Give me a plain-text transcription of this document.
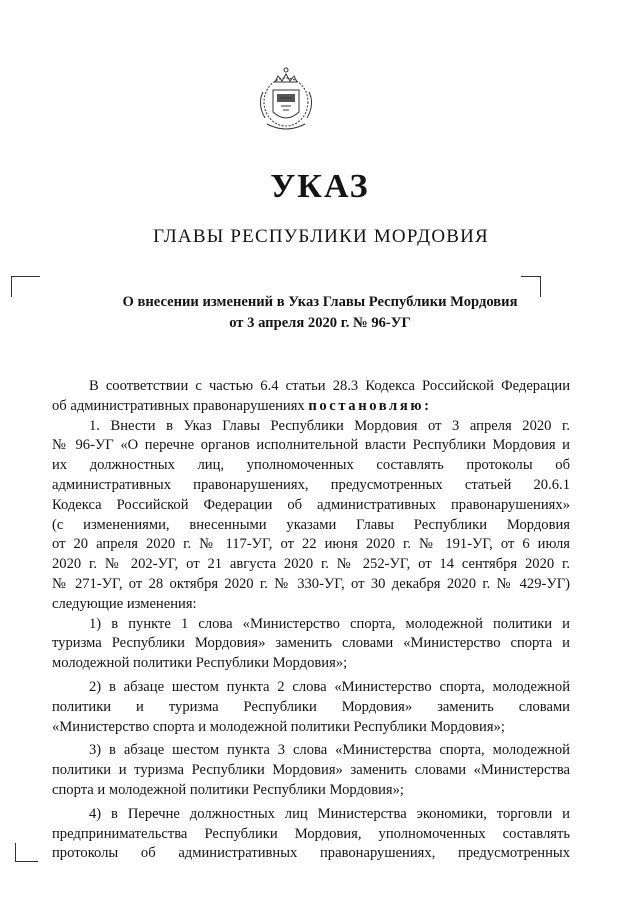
УКАЗ
ГЛАВЫ РЕСПУБЛИКИ МОРДОВИЯ
О внесении изменений в Указ Главы Республики Мордовия
от 3 апреля 2020 г. № 96-УГ
В соответствии с частью 6.4 статьи 28.3 Кодекса Российской Федерации
об административных правонарушениях постановляю:
1. Внести в Указ Главы Республики Мордовия от 3 апреля 2020 г.
№ 96-УГ «О перечне органов исполнительной власти Республики Мордовия и
их должностных лиц, уполномоченных составлять протоколы об
административных правонарушениях, предусмотренных статьей 20.6.1
Кодекса Российской Федерации об административных правонарушениях»
(с изменениями, внесенными указами Главы Республики Мордовия
от 20 апреля 2020 г. № 117-УГ, от 22 июня 2020 г. № 191-УГ, от 6 июля
2020 г. № 202-УГ, от 21 августа 2020 г. № 252-УГ, от 14 сентября 2020 г.
№ 271-УГ, от 28 октября 2020 г. № 330-УГ, от 30 декабря 2020 г. № 429-УГ)
следующие изменения:
1) в пункте 1 слова «Министерство спорта, молодежной политики и
туризма Республики Мордовия» заменить словами «Министерство спорта и
молодежной политики Республики Мордовия»;
2) в абзаце шестом пункта 2 слова «Министерство спорта, молодежной
политики и туризма Республики Мордовия» заменить словами
«Министерство спорта и молодежной политики Республики Мордовия»;
3) в абзаце шестом пункта 3 слова «Министерства спорта, молодежной
политики и туризма Республики Мордовия» заменить словами «Министерства
спорта и молодежной политики Республики Мордовия»;
4) в Перечне должностных лиц Министерства экономики, торговли и
предпринимательства Республики Мордовия, уполномоченных составлять
протоколы об административных правонарушениях, предусмотренных
